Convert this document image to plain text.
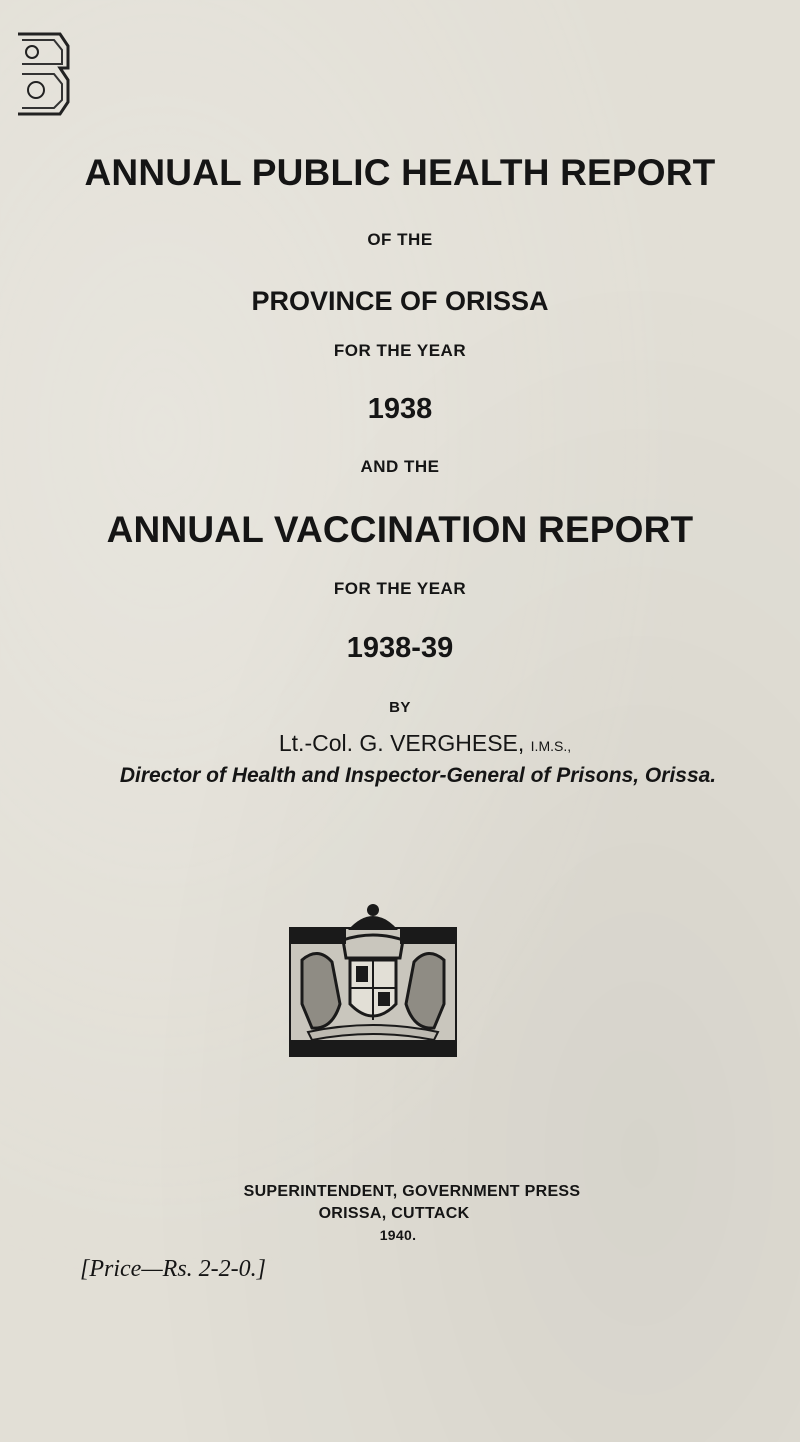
ANNUAL PUBLIC HEALTH REPORT
OF THE
PROVINCE OF ORISSA
FOR THE YEAR
1938
AND THE
ANNUAL VACCINATION REPORT
FOR THE YEAR
1938-39
BY
Lt.-Col. G. VERGHESE, I.M.S.,
Director of Health and Inspector-General of Prisons, Orissa.
SUPERINTENDENT, GOVERNMENT PRESS
ORISSA, CUTTACK
1940.
[Price—Rs. 2-2-0.]
